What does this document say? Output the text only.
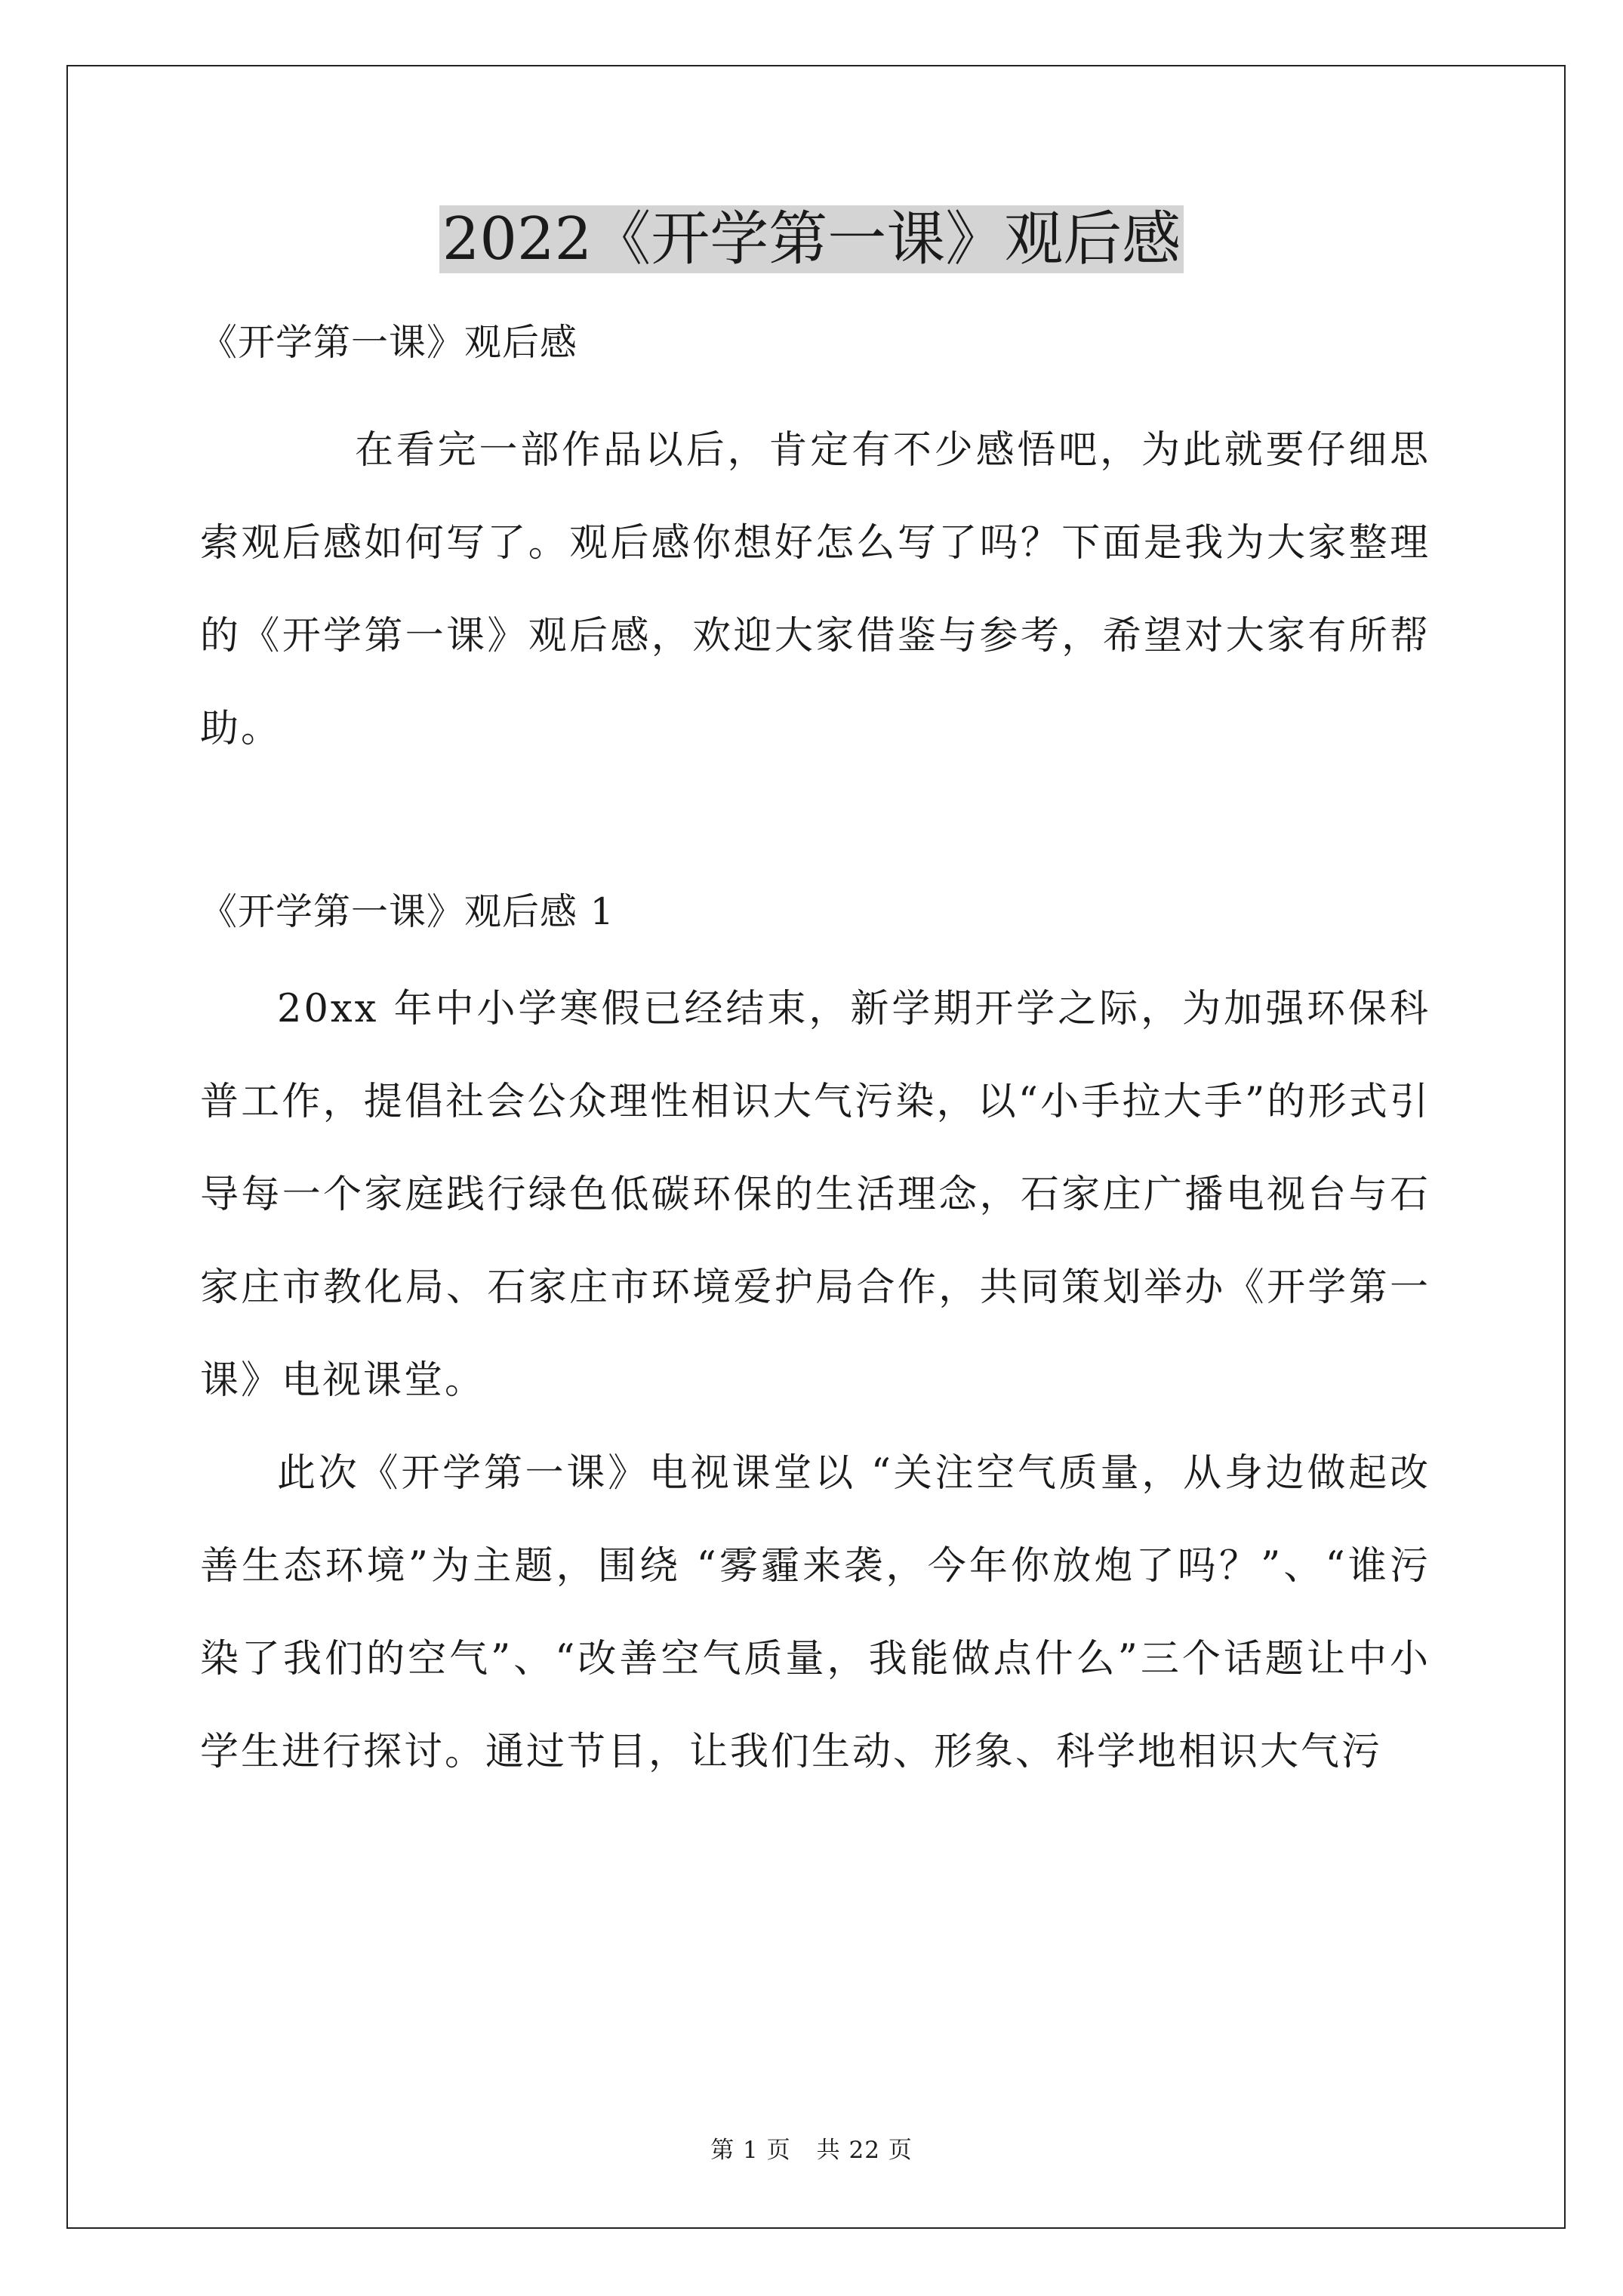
2022《开学第一课》观后感
《开学第一课》观后感

在看完一部作品以后，肯定有不少感悟吧，为此就要仔细思索观后感如何写了。观后感你想好怎么写了吗？下面是我为大家整理的《开学第一课》观后感，欢迎大家借鉴与参考，希望对大家有所帮助。

《开学第一课》观后感 1

20xx 年中小学寒假已经结束，新学期开学之际，为加强环保科普工作，提倡社会公众理性相识大气污染，以“小手拉大手”的形式引导每一个家庭践行绿色低碳环保的生活理念，石家庄广播电视台与石家庄市教化局、石家庄市环境爱护局合作，共同策划举办《开学第一课》电视课堂。

此次《开学第一课》电视课堂以 “关注空气质量，从身边做起改善生态环境”为主题，围绕 “雾霾来袭，今年你放炮了吗？”、“谁污染了我们的空气”、“改善空气质量，我能做点什么”三个话题让中小学生进行探讨。通过节目，让我们生动、形象、科学地相识大气污

第 1 页 共 22 页
